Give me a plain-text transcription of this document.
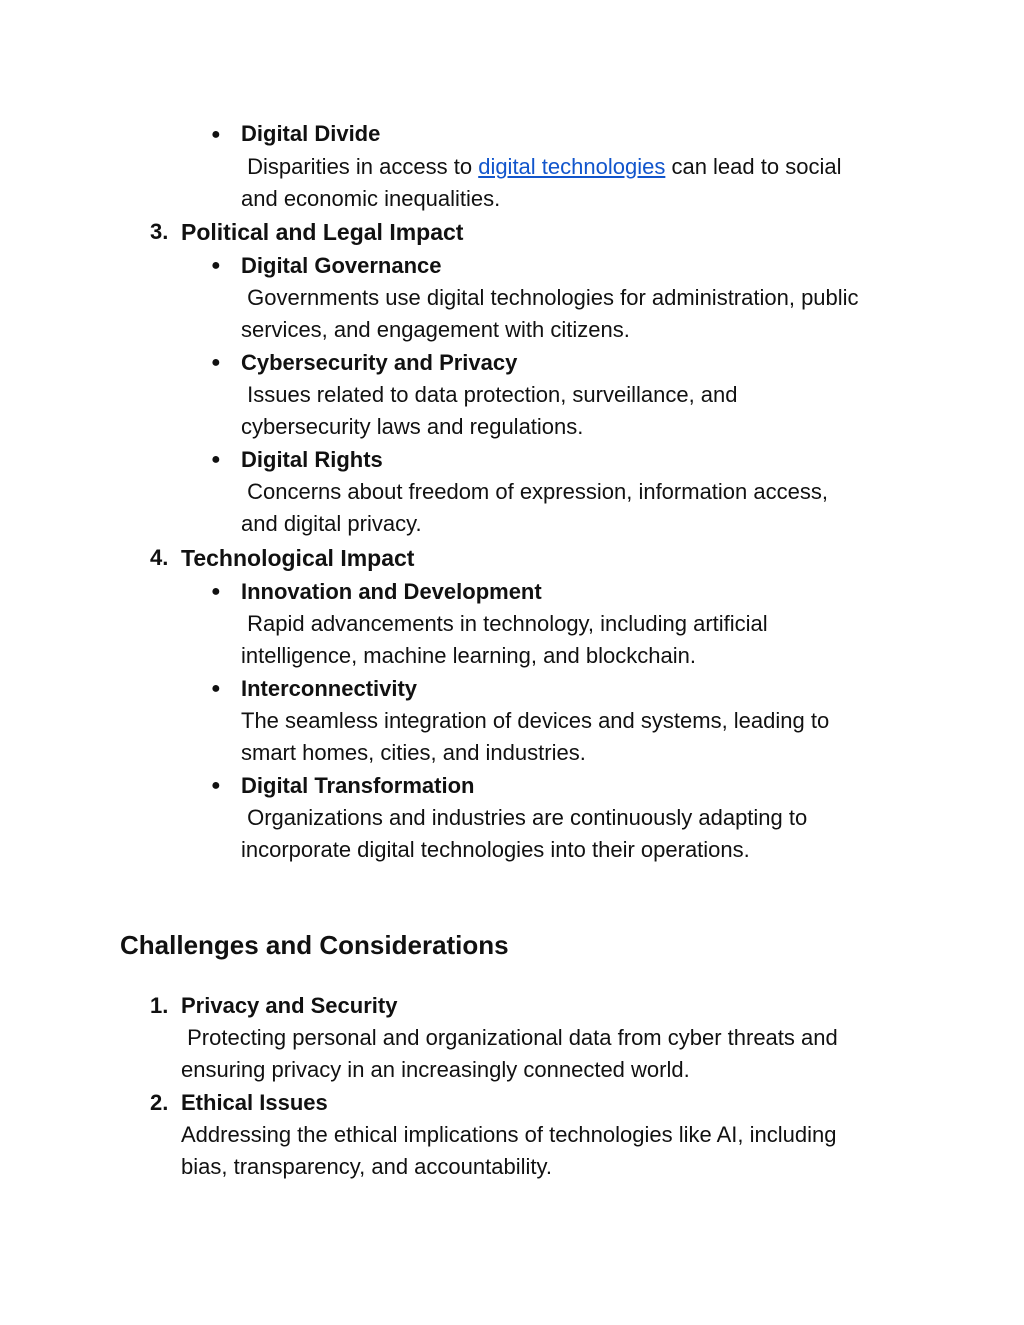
● Digital Divide
Disparities in access to digital technologies can lead to social
and economic inequalities.
3. Political and Legal Impact
● Digital Governance
Governments use digital technologies for administration, public
services, and engagement with citizens.
● Cybersecurity and Privacy
Issues related to data protection, surveillance, and
cybersecurity laws and regulations.
● Digital Rights
Concerns about freedom of expression, information access,
and digital privacy.
4. Technological Impact
● Innovation and Development
Rapid advancements in technology, including artificial
intelligence, machine learning, and blockchain.
● Interconnectivity
The seamless integration of devices and systems, leading to
smart homes, cities, and industries.
● Digital Transformation
Organizations and industries are continuously adapting to
incorporate digital technologies into their operations.
Challenges and Considerations
1. Privacy and Security
Protecting personal and organizational data from cyber threats and
ensuring privacy in an increasingly connected world.
2. Ethical Issues
Addressing the ethical implications of technologies like AI, including
bias, transparency, and accountability.
